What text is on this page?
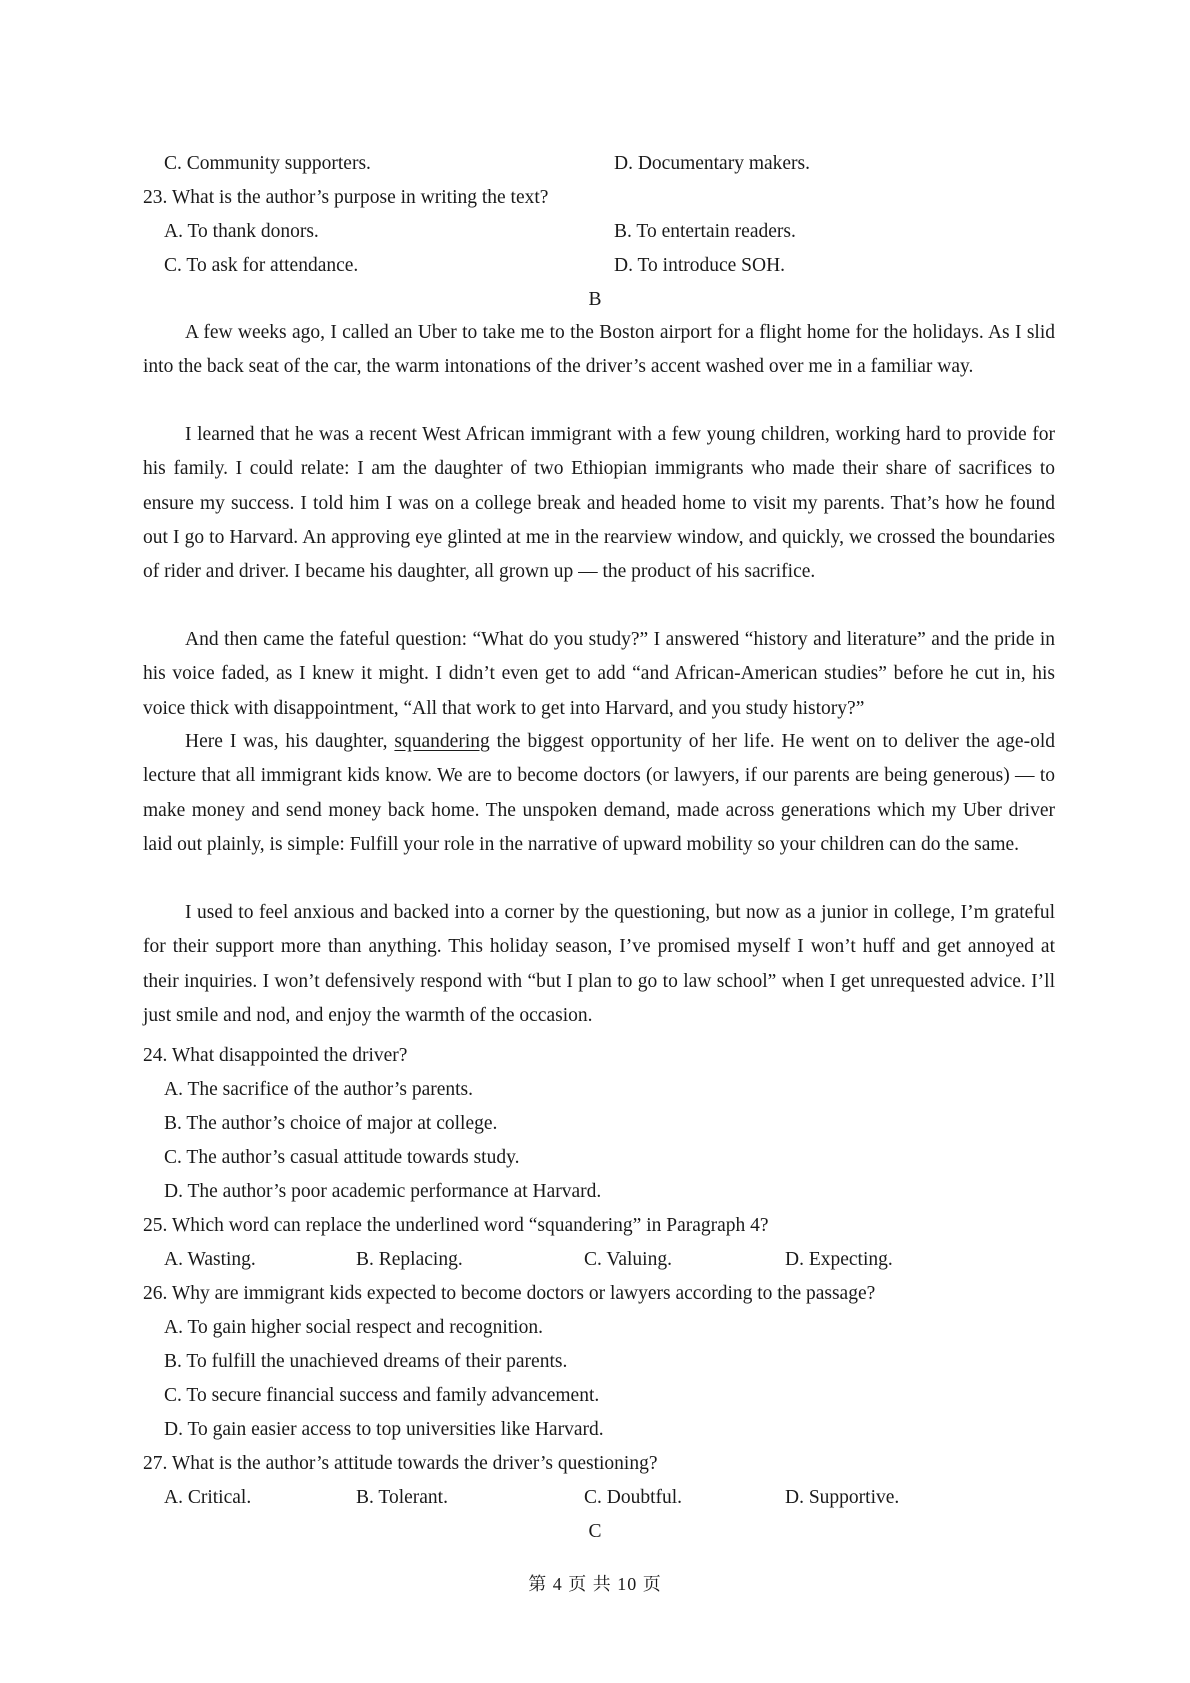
C. Community supporters.	D. Documentary makers.
23. What is the author’s purpose in writing the text?
A. To thank donors.	B. To entertain readers.
C. To ask for attendance.	D. To introduce SOH.
B
A few weeks ago, I called an Uber to take me to the Boston airport for a flight home for the holidays. As I slid into the back seat of the car, the warm intonations of the driver’s accent washed over me in a familiar way.
I learned that he was a recent West African immigrant with a few young children, working hard to provide for his family. I could relate: I am the daughter of two Ethiopian immigrants who made their share of sacrifices to ensure my success. I told him I was on a college break and headed home to visit my parents. That’s how he found out I go to Harvard. An approving eye glinted at me in the rearview window, and quickly, we crossed the boundaries of rider and driver. I became his daughter, all grown up — the product of his sacrifice.
And then came the fateful question: “What do you study?” I answered “history and literature” and the pride in his voice faded, as I knew it might. I didn’t even get to add “and African-American studies” before he cut in, his voice thick with disappointment, “All that work to get into Harvard, and you study history?”
Here I was, his daughter, squandering the biggest opportunity of her life. He went on to deliver the age-old lecture that all immigrant kids know. We are to become doctors (or lawyers, if our parents are being generous) — to make money and send money back home. The unspoken demand, made across generations which my Uber driver laid out plainly, is simple: Fulfill your role in the narrative of upward mobility so your children can do the same.
I used to feel anxious and backed into a corner by the questioning, but now as a junior in college, I’m grateful for their support more than anything. This holiday season, I’ve promised myself I won’t huff and get annoyed at their inquiries. I won’t defensively respond with “but I plan to go to law school” when I get unrequested advice. I’ll just smile and nod, and enjoy the warmth of the occasion.
24. What disappointed the driver?
A. The sacrifice of the author’s parents.
B. The author’s choice of major at college.
C. The author’s casual attitude towards study.
D. The author’s poor academic performance at Harvard.
25. Which word can replace the underlined word “squandering” in Paragraph 4?
A. Wasting.	B. Replacing.	C. Valuing.	D. Expecting.
26. Why are immigrant kids expected to become doctors or lawyers according to the passage?
A. To gain higher social respect and recognition.
B. To fulfill the unachieved dreams of their parents.
C. To secure financial success and family advancement.
D. To gain easier access to top universities like Harvard.
27. What is the author’s attitude towards the driver’s questioning?
A. Critical.	B. Tolerant.	C. Doubtful.	D. Supportive.
C
第 4 页 共 10 页
